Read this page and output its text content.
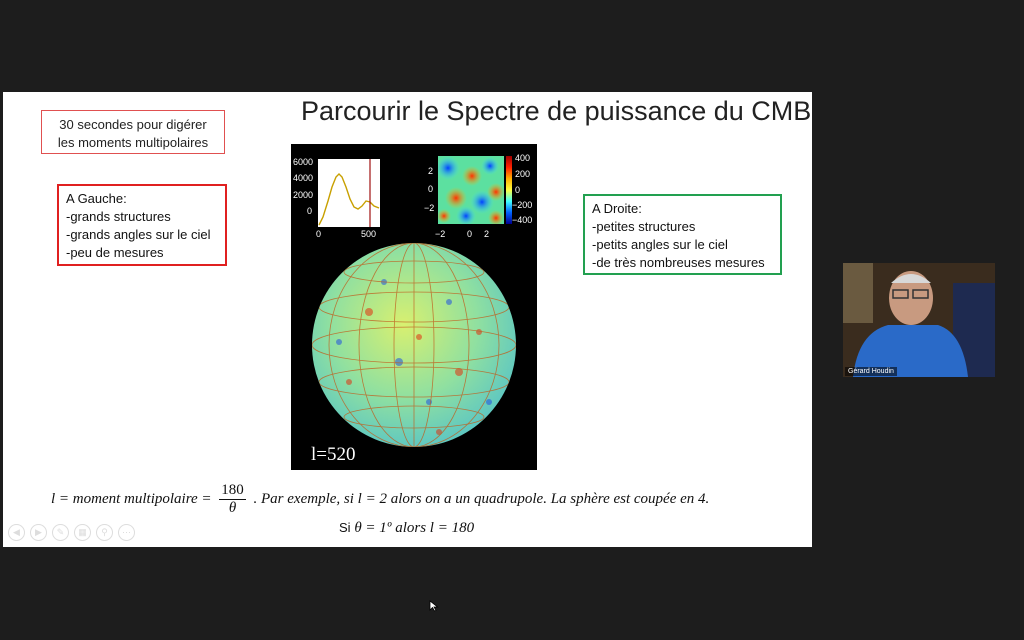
Parcourir le Spectre de puissance du CMB
30 secondes pour digérer
les moments multipolaires
A Gauche:
-grands structures
-grands angles sur le ciel
-peu de mesures
A Droite:
-petites structures
-petits angles sur le ciel
-de très nombreuses mesures
6000
4000
2000
0
0	500
2
0
−2
400
200
0
−200
−400
−2 0 2
l=520
l = moment multipolaire = $\frac{180}{\theta}$ . Par exemple, si l = 2 alors on a un quadrupole. La sphère est coupée en 4.
Si θ = 1º alors l = 180
◀	▶	✎	▦	⚲	⋯
Gérard Houdin
